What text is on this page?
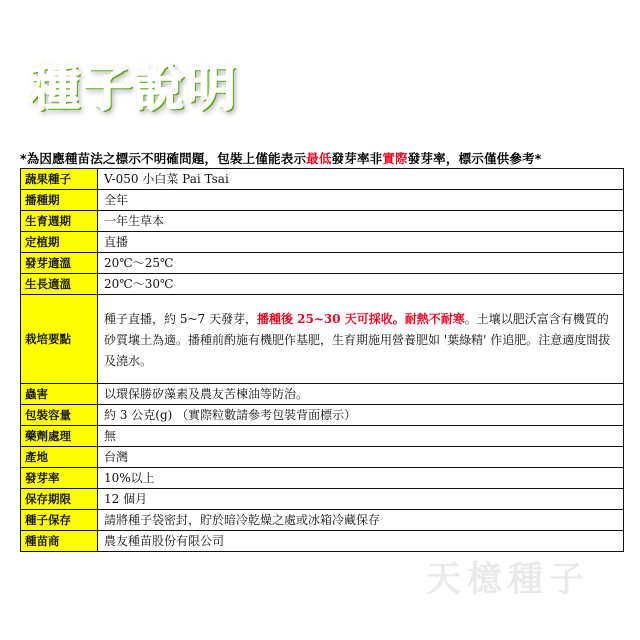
種子說明
*為因應種苗法之標示不明確問題，包裝上僅能表示最低發芽率非實際發芽率，標示僅供參考*
蔬果種子	V-050 小白菜 Pai Tsai
播種期	全年
生育週期	一年生草本
定植期	直播
發芽適溫	20℃～25℃
生長適溫	20℃～30℃
栽培要點	種子直播，約 5~7 天發芽，播種後 25~30 天可採收。耐熱不耐寒。土壤以肥沃富含有機質的砂質壤土為適。播種前酌施有機肥作基肥，生育期施用營養肥如 '葉綠精' 作追肥。注意適度間拔及澆水。
蟲害	以環保勝矽藻素及農友苦楝油等防治。
包裝容量	約 3 公克(g) （實際粒數請參考包裝背面標示）
藥劑處理	無
產地	台灣
發芽率	10%以上
保存期限	12 個月
種子保存	請將種子袋密封，貯於暗冷乾燥之處或冰箱冷藏保存
種苗商	農友種苗股份有限公司
天檍種子
